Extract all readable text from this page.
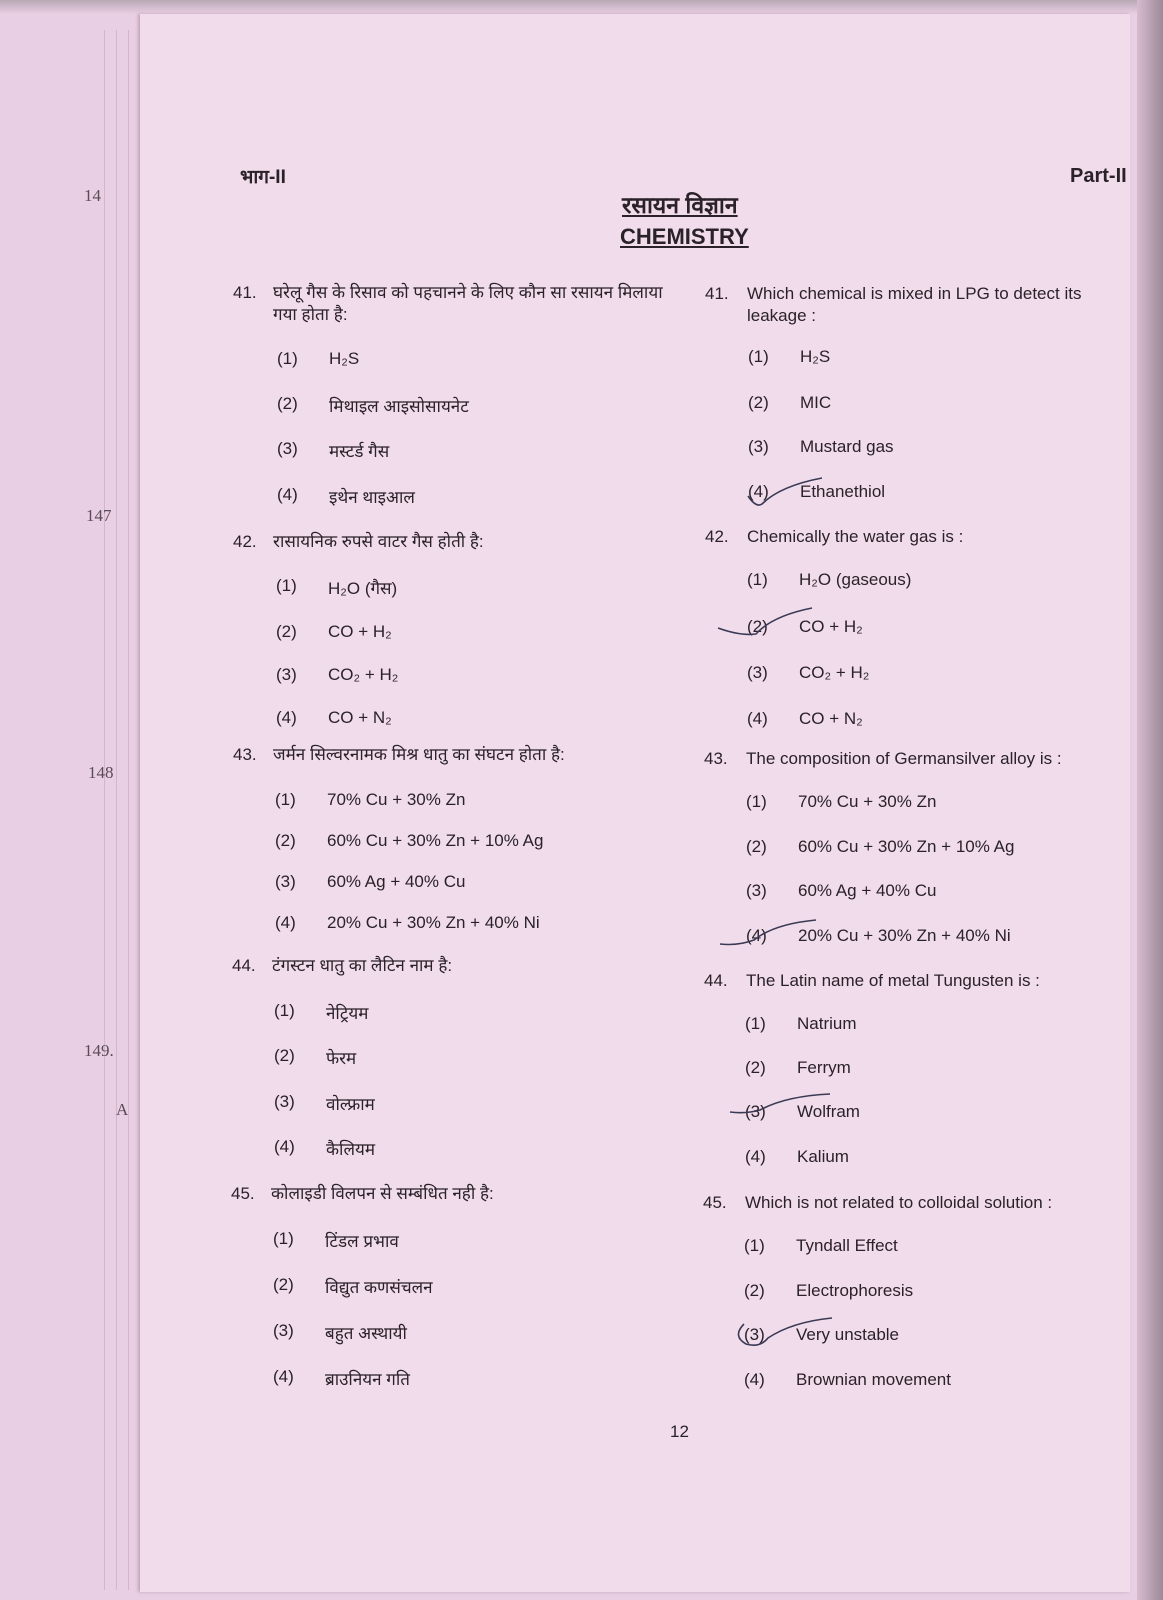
14
147
148
149.
A
भाग-II	Part-II
रसायन विज्ञान
CHEMISTRY
41. घरेलू गैस के रिसाव को पहचानने के लिए कौन सा रसायन मिलाया गया होता है:
(1) H₂S
(2) मिथाइल आइसोसायनेट
(3) मस्टर्ड गैस
(4) इथेन थाइआल
42. रासायनिक रुपसे वाटर गैस होती है:
(1) H₂O (गैस)
(2) CO + H₂
(3) CO₂ + H₂
(4) CO + N₂
43. जर्मन सिल्वरनामक मिश्र धातु का संघटन होता है:
(1) 70% Cu + 30% Zn
(2) 60% Cu + 30% Zn + 10% Ag
(3) 60% Ag + 40% Cu
(4) 20% Cu + 30% Zn + 40% Ni
44. टंगस्टन धातु का लैटिन नाम है:
(1) नेट्रियम
(2) फेरम
(3) वोल्फ्राम
(4) कैलियम
45. कोलाइडी विलपन से सम्बंधित नही है:
(1) टिंडल प्रभाव
(2) विद्युत कणसंचलन
(3) बहुत अस्थायी
(4) ब्राउनियन गति
41. Which chemical is mixed in LPG to detect its leakage :
(1) H₂S
(2) MIC
(3) Mustard gas
(4) Ethanethiol
42. Chemically the water gas is :
(1) H₂O (gaseous)
(2) CO + H₂
(3) CO₂ + H₂
(4) CO + N₂
43. The composition of Germansilver alloy is :
(1) 70% Cu + 30% Zn
(2) 60% Cu + 30% Zn + 10% Ag
(3) 60% Ag + 40% Cu
(4) 20% Cu + 30% Zn + 40% Ni
44. The Latin name of metal Tungusten is :
(1) Natrium
(2) Ferrym
(3) Wolfram
(4) Kalium
45. Which is not related to colloidal solution :
(1) Tyndall Effect
(2) Electrophoresis
(3) Very unstable
(4) Brownian movement
12
